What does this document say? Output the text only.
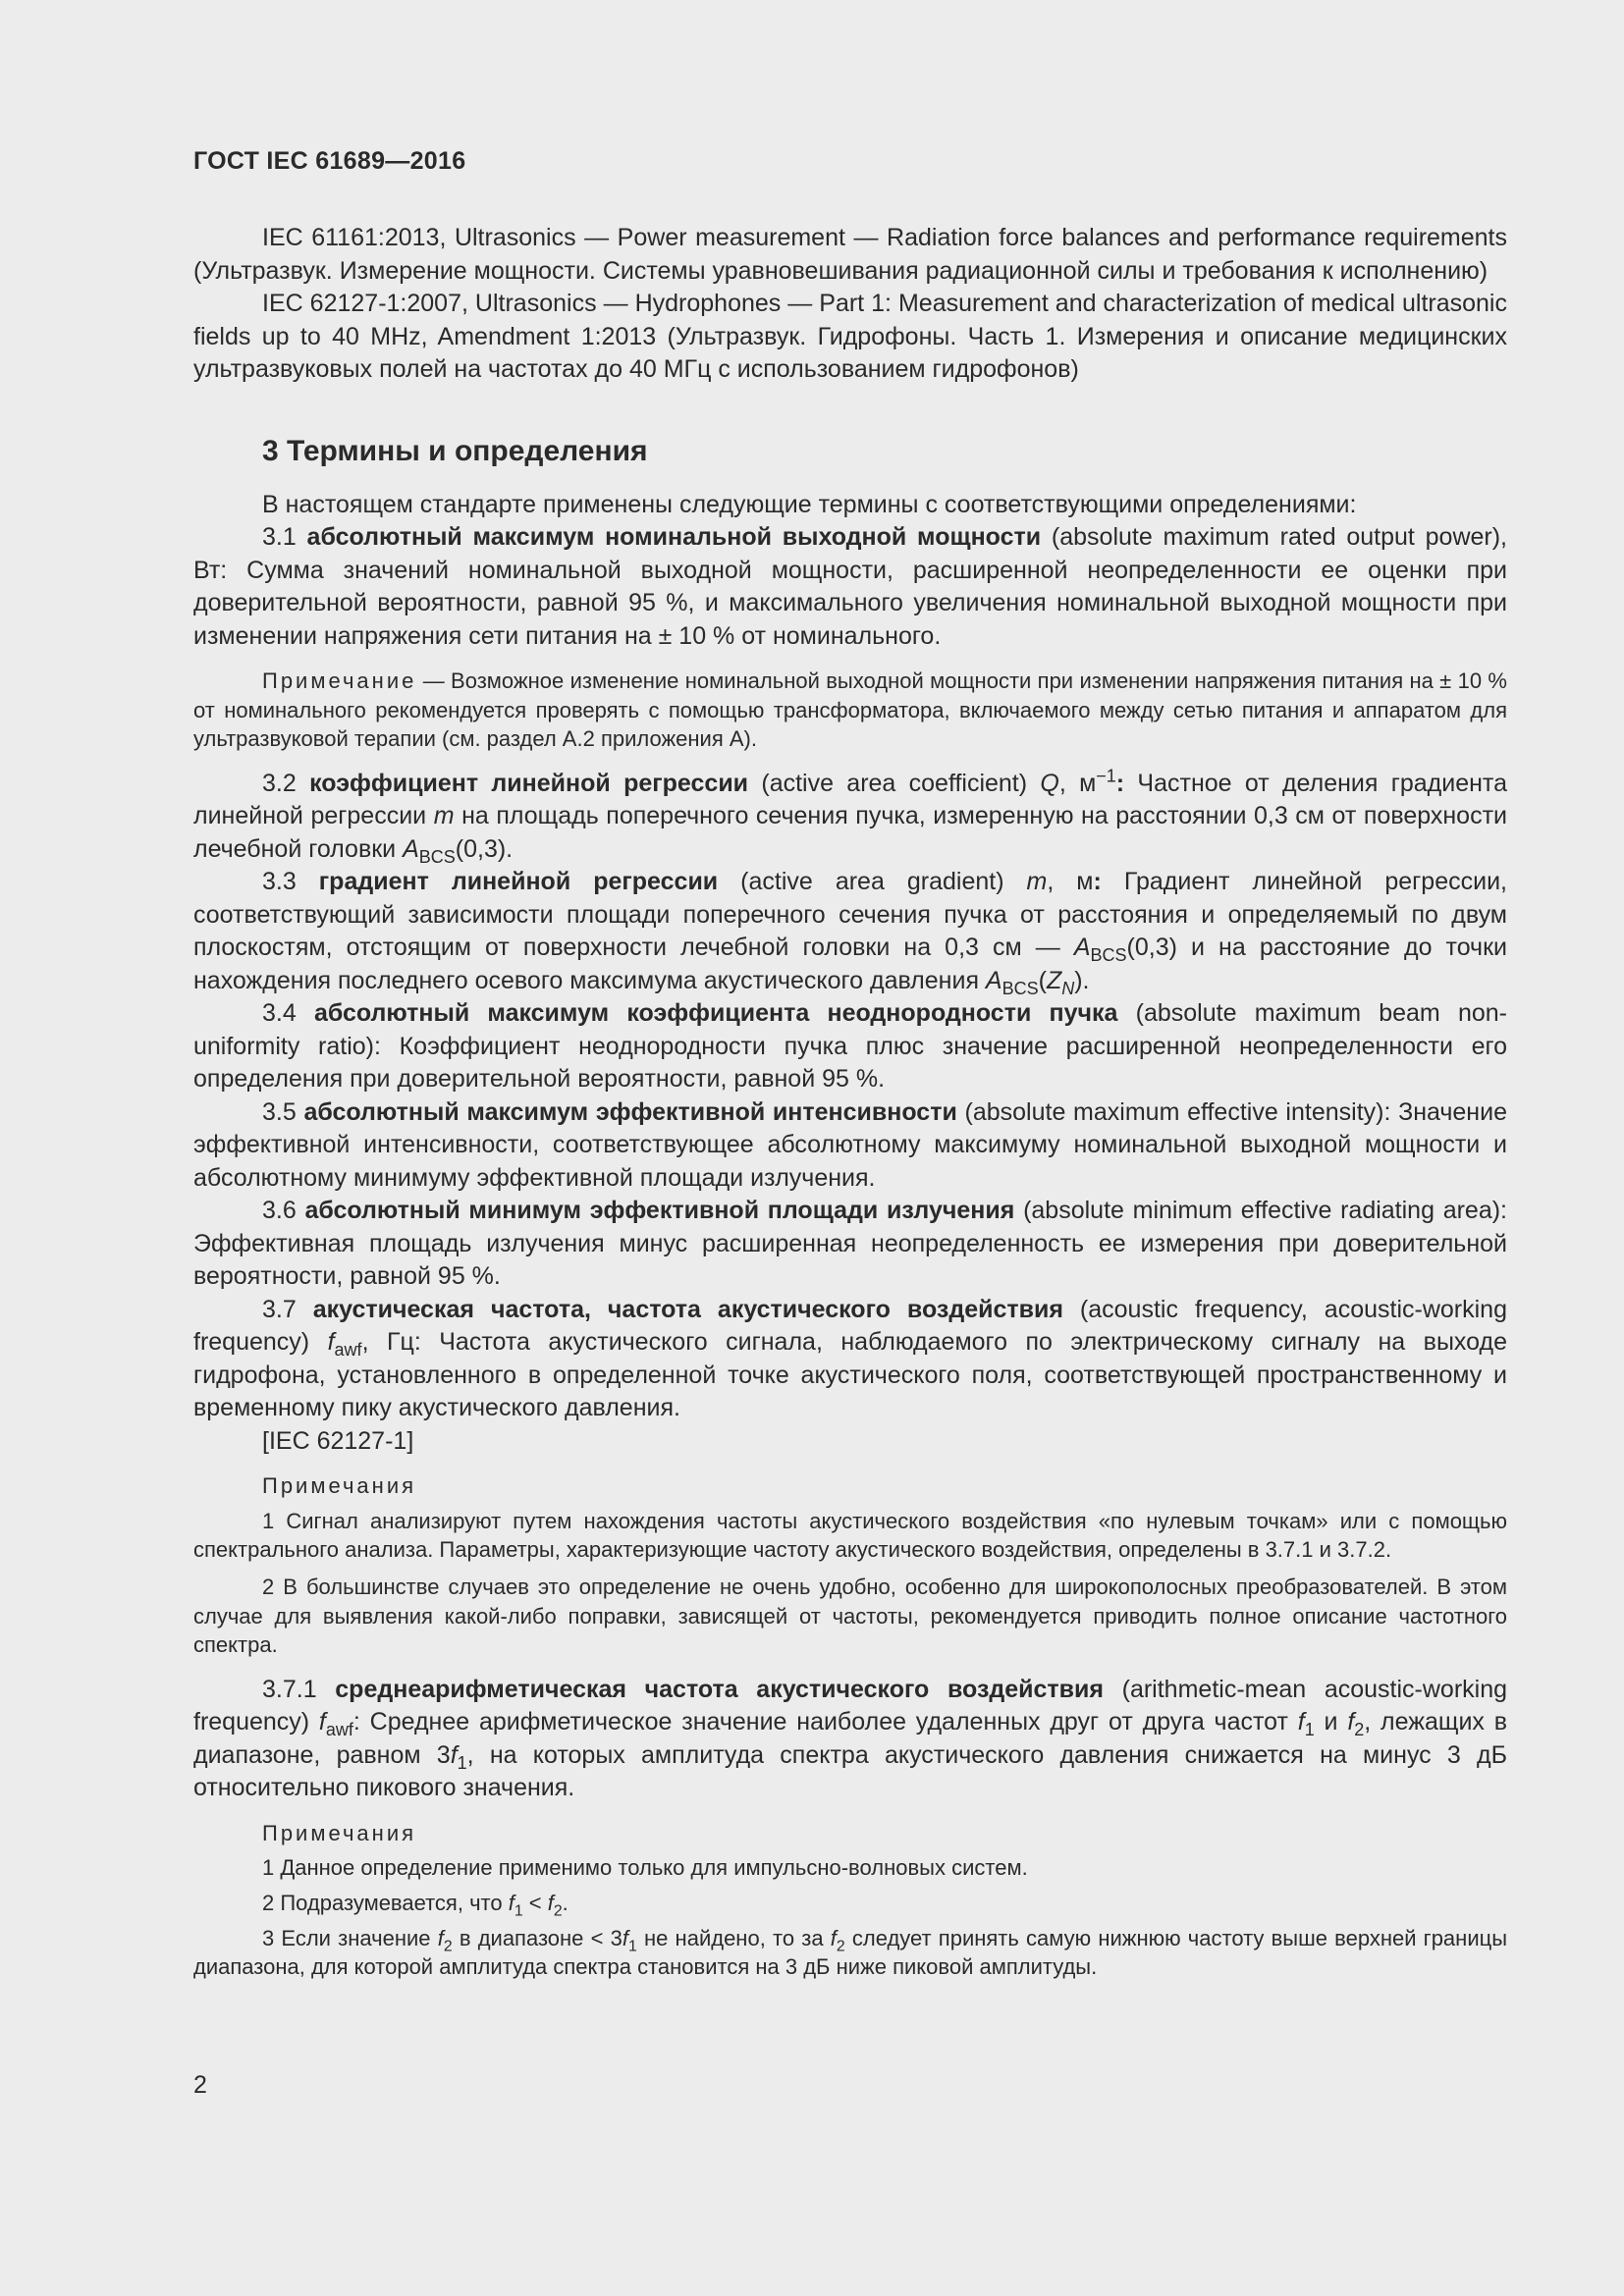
ГОСТ IEC 61689—2016

IEC 61161:2013, Ultrasonics — Power measurement — Radiation force balances and performance requirements (Ультразвук. Измерение мощности. Системы уравновешивания радиационной силы и требования к исполнению)

IEC 62127-1:2007, Ultrasonics — Hydrophones — Part 1: Measurement and characterization of medical ultrasonic fields up to 40 MHz, Amendment 1:2013 (Ультразвук. Гидрофоны. Часть 1. Измерения и описание медицинских ультразвуковых полей на частотах до 40 МГц с использованием гидрофонов)

3 Термины и определения

В настоящем стандарте применены следующие термины с соответствующими определениями:

3.1 абсолютный максимум номинальной выходной мощности (absolute maximum rated output power), Вт: Сумма значений номинальной выходной мощности, расширенной неопределенности ее оценки при доверительной вероятности, равной 95 %, и максимального увеличения номинальной выходной мощности при изменении напряжения сети питания на ± 10 % от номинального.

Примечание — Возможное изменение номинальной выходной мощности при изменении напряжения питания на ± 10 % от номинального рекомендуется проверять с помощью трансформатора, включаемого между сетью питания и аппаратом для ультразвуковой терапии (см. раздел А.2 приложения А).

3.2 коэффициент линейной регрессии (active area coefficient) Q, $м^{-1}$: Частное от деления градиента линейной регрессии m на площадь поперечного сечения пучка, измеренную на расстоянии 0,3 см от поверхности лечебной головки $A_{BCS}(0,3)$.

3.3 градиент линейной регрессии (active area gradient) m, м: Градиент линейной регрессии, соответствующий зависимости площади поперечного сечения пучка от расстояния и определяемый по двум плоскостям, отстоящим от поверхности лечебной головки на 0,3 см — $A_{BCS}(0,3)$ и на расстояние до точки нахождения последнего осевого максимума акустического давления $A_{BCS}(Z_N)$.

3.4 абсолютный максимум коэффициента неоднородности пучка (absolute maximum beam non-uniformity ratio): Коэффициент неоднородности пучка плюс значение расширенной неопределенности его определения при доверительной вероятности, равной 95 %.

3.5 абсолютный максимум эффективной интенсивности (absolute maximum effective intensity): Значение эффективной интенсивности, соответствующее абсолютному максимуму номинальной выходной мощности и абсолютному минимуму эффективной площади излучения.

3.6 абсолютный минимум эффективной площади излучения (absolute minimum effective radiating area): Эффективная площадь излучения минус расширенная неопределенность ее измерения при доверительной вероятности, равной 95 %.

3.7 акустическая частота, частота акустического воздействия (acoustic frequency, acoustic-working frequency) $f_{awf}$, Гц: Частота акустического сигнала, наблюдаемого по электрическому сигналу на выходе гидрофона, установленного в определенной точке акустического поля, соответствующей пространственному и временному пику акустического давления.

[IEC 62127-1]

Примечания

1 Сигнал анализируют путем нахождения частоты акустического воздействия «по нулевым точкам» или с помощью спектрального анализа. Параметры, характеризующие частоту акустического воздействия, определены в 3.7.1 и 3.7.2.

2 В большинстве случаев это определение не очень удобно, особенно для широкополосных преобразователей. В этом случае для выявления какой-либо поправки, зависящей от частоты, рекомендуется приводить полное описание частотного спектра.

3.7.1 среднеарифметическая частота акустического воздействия (arithmetic-mean acoustic-working frequency) $f_{awf}$: Среднее арифметическое значение наиболее удаленных друг от друга частот $f_1$ и $f_2$, лежащих в диапазоне, равном $3f_1$, на которых амплитуда спектра акустического давления снижается на минус 3 дБ относительно пикового значения.

Примечания

1 Данное определение применимо только для импульсно-волновых систем.

2 Подразумевается, что $f_1 < f_2$.

3 Если значение $f_2$ в диапазоне < $3f_1$ не найдено, то за $f_2$ следует принять самую нижнюю частоту выше верхней границы диапазона, для которой амплитуда спектра становится на 3 дБ ниже пиковой амплитуды.

2
